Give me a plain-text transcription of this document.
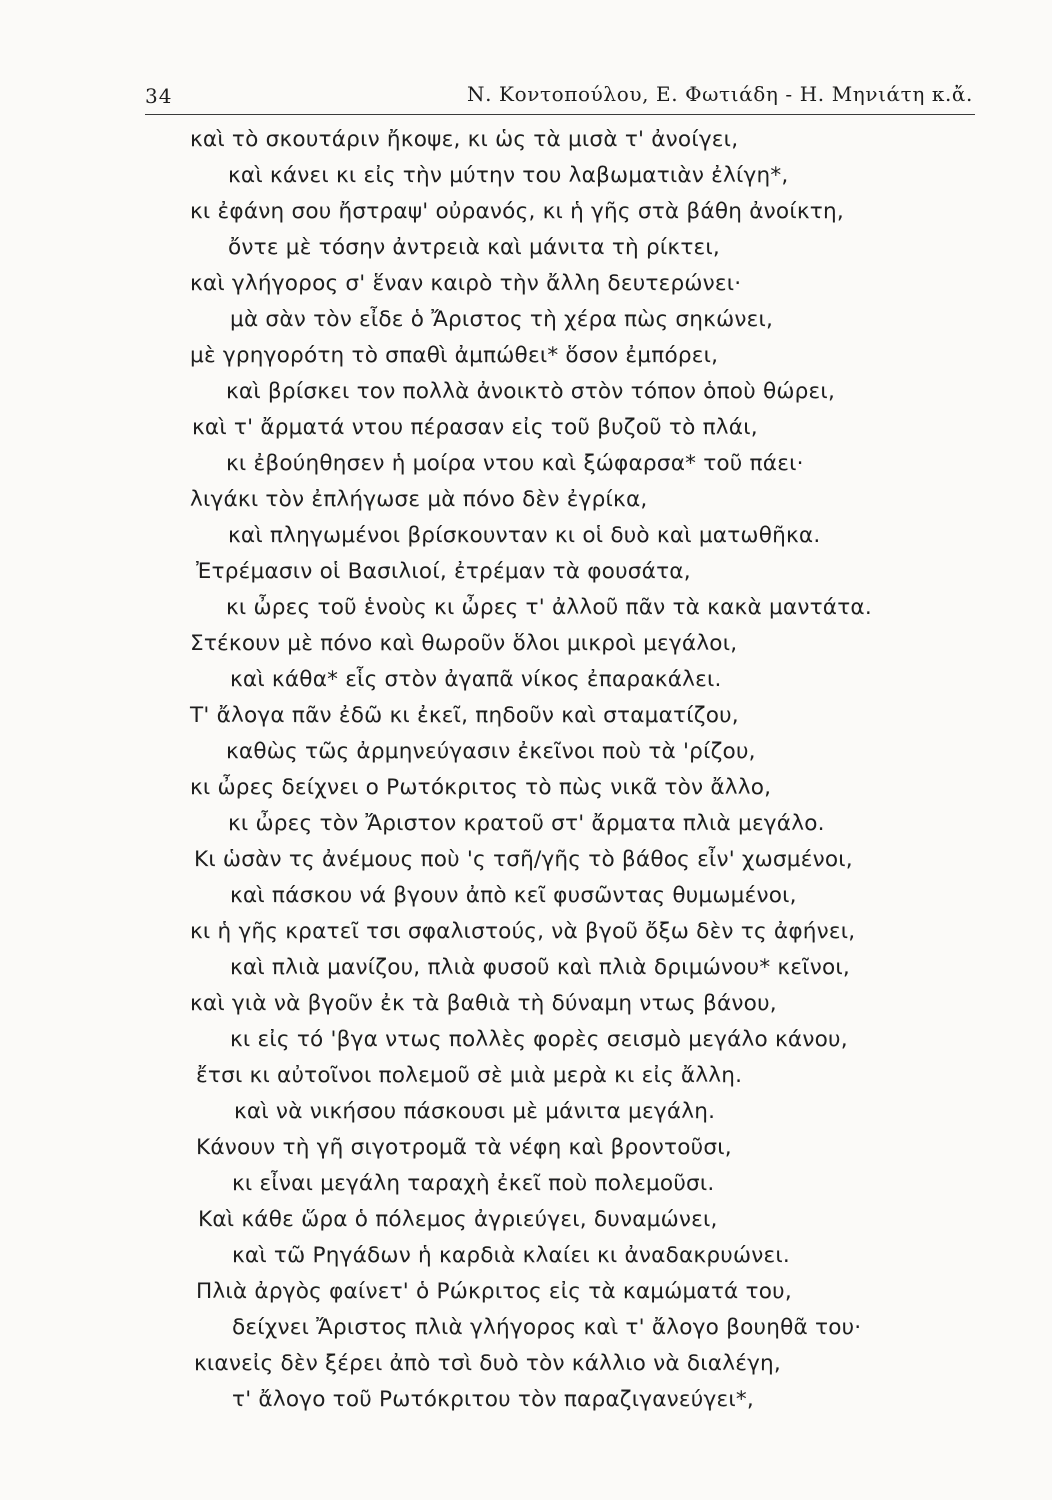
34	Ν. Κοντοπούλου, Ε. Φωτιάδη - Η. Μηνιάτη κ.ἄ.
καὶ τὸ σκουτάριν ἤκοψε, κι ὡς τὰ μισὰ τ' ἀνοίγει,
καὶ κάνει κι εἰς τὴν μύτην του λαβωματιὰν ἐλίγη*,
κι ἐφάνη σου ἤστραψ' οὐρανός, κι ἡ γῆς στὰ βάθη ἀνοίκτη,
ὄντε μὲ τόσην ἀντρειὰ καὶ μάνιτα τὴ ρίκτει,
καὶ γλήγορος σ' ἕναν καιρὸ τὴν ἄλλη δευτερώνει·
μὰ σὰν τὸν εἶδε ὁ Ἄριστος τὴ χέρα πὼς σηκώνει,
μὲ γρηγορότη τὸ σπαθὶ ἀμπώθει* ὅσον ἐμπόρει,
καὶ βρίσκει τον πολλὰ ἀνοικτὸ στὸν τόπον ὁποὺ θώρει,
καὶ τ' ἄρματά ντου πέρασαν εἰς τοῦ βυζοῦ τὸ πλάι,
κι ἐβούηθησεν ἡ μοίρα ντου καὶ ξώφαρσα* τοῦ πάει·
λιγάκι τὸν ἐπλήγωσε μὰ πόνο δὲν ἐγρίκα,
καὶ πληγωμένοι βρίσκουνταν κι οἱ δυὸ καὶ ματωθῆκα.
Ἐτρέμασιν οἱ Βασιλιοί, ἐτρέμαν τὰ φουσάτα,
κι ὦρες τοῦ ἑνοὺς κι ὦρες τ' ἀλλοῦ πᾶν τὰ κακὰ μαντάτα.
Στέκουν μὲ πόνο καὶ θωροῦν ὅλοι μικροὶ μεγάλοι,
καὶ κάθα* εἷς στὸν ἀγαπᾶ νίκος ἐπαρακάλει.
Τ' ἄλογα πᾶν ἐδῶ κι ἐκεῖ, πηδοῦν καὶ σταματίζου,
καθὼς τῶς ἀρμηνεύγασιν ἐκεῖνοι ποὺ τὰ 'ρίζου,
κι ὦρες δείχνει ο Ρωτόκριτος τὸ πὼς νικᾶ τὸν ἄλλο,
κι ὦρες τὸν Ἄριστον κρατοῦ στ' ἄρματα πλιὰ μεγάλο.
Κι ὡσὰν τς ἀνέμους ποὺ 'ς τσῆ/γῆς τὸ βάθος εἶν' χωσμένοι,
καὶ πάσκου νά βγουν ἀπὸ κεῖ φυσῶντας θυμωμένοι,
κι ἡ γῆς κρατεῖ τσι σφαλιστούς, νὰ βγοῦ ὄξω δὲν τς ἀφήνει,
καὶ πλιὰ μανίζου, πλιὰ φυσοῦ καὶ πλιὰ δριμώνου* κεῖνοι,
καὶ γιὰ νὰ βγοῦν ἐκ τὰ βαθιὰ τὴ δύναμη ντως βάνου,
κι εἰς τό 'βγα ντως πολλὲς φορὲς σεισμὸ μεγάλο κάνου,
ἔτσι κι αὐτοῖνοι πολεμοῦ σὲ μιὰ μερὰ κι εἰς ἄλλη.
καὶ νὰ νικήσου πάσκουσι μὲ μάνιτα μεγάλη.
Κάνουν τὴ γῆ σιγοτρομᾶ τὰ νέφη καὶ βροντοῦσι,
κι εἶναι μεγάλη ταραχὴ ἐκεῖ ποὺ πολεμοῦσι.
Καὶ κάθε ὥρα ὁ πόλεμος ἀγριεύγει, δυναμώνει,
καὶ τῶ Ρηγάδων ἡ καρδιὰ κλαίει κι ἀναδακρυώνει.
Πλιὰ ἀργὸς φαίνετ' ὁ Ρώκριτος εἰς τὰ καμώματά του,
δείχνει Ἄριστος πλιὰ γλήγορος καὶ τ' ἄλογο βουηθᾶ του·
κιανεἰς δὲν ξέρει ἀπὸ τσὶ δυὸ τὸν κάλλιο νὰ διαλέγη,
τ' ἄλογο τοῦ Ρωτόκριτου τὸν παραζιγανεύγει*,
